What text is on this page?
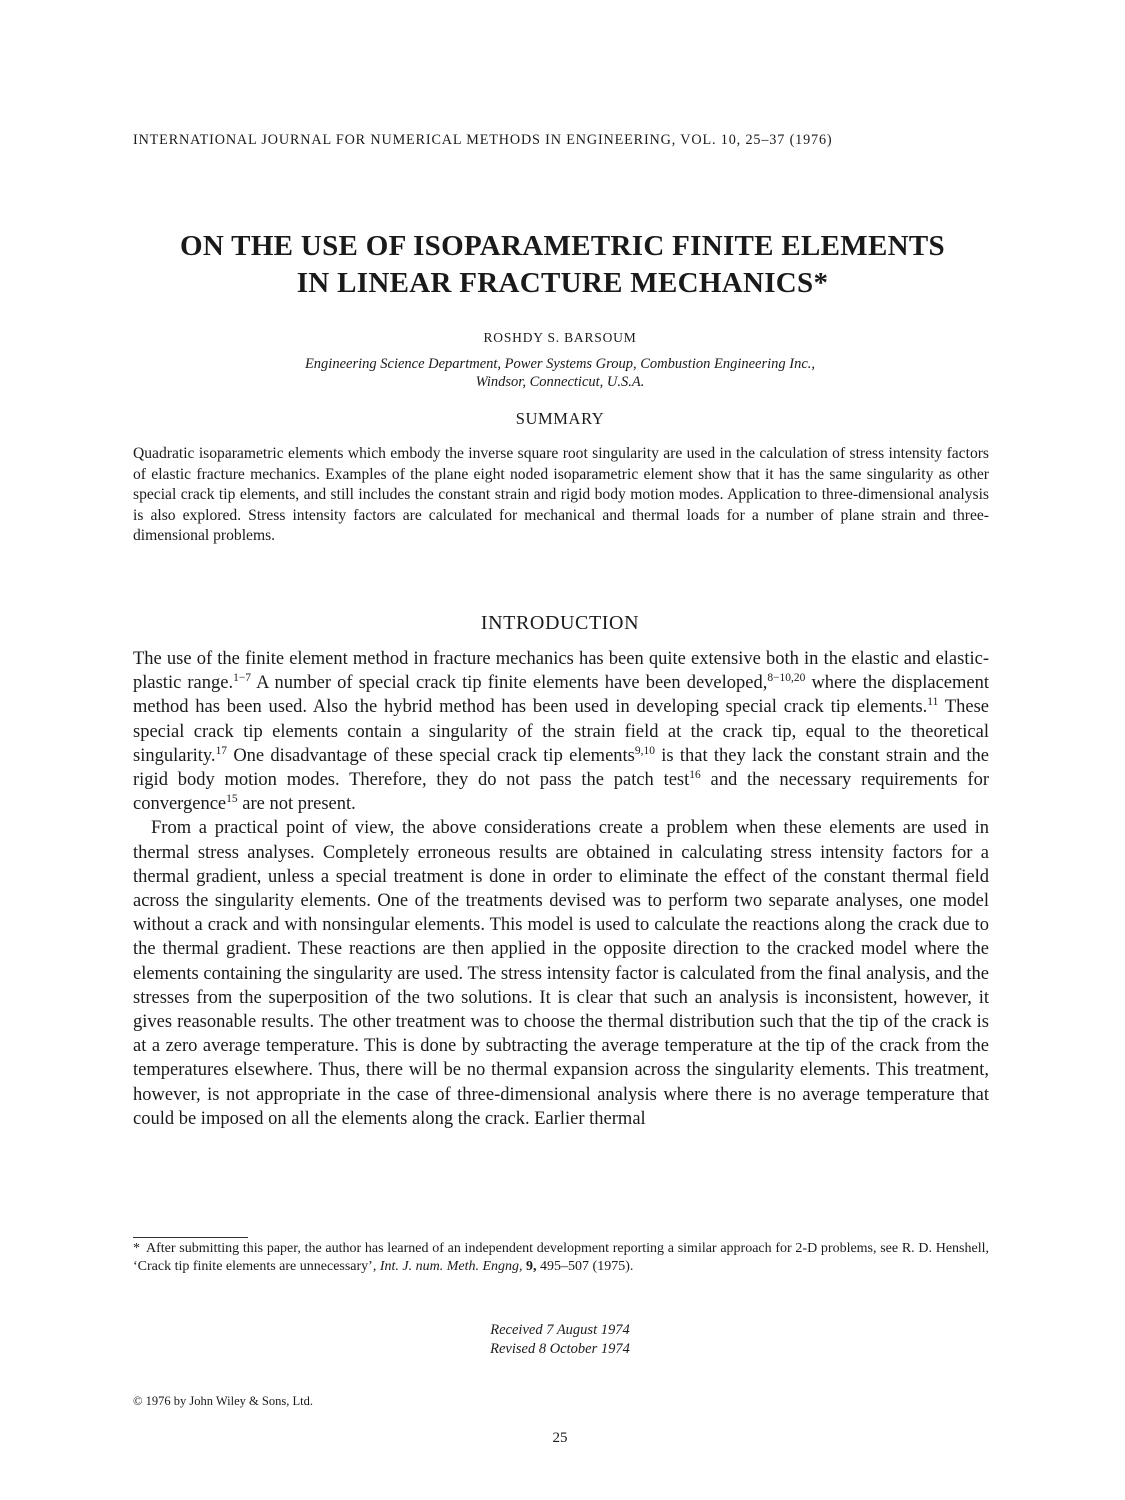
INTERNATIONAL JOURNAL FOR NUMERICAL METHODS IN ENGINEERING, VOL. 10, 25–37 (1976)
ON THE USE OF ISOPARAMETRIC FINITE ELEMENTS
IN LINEAR FRACTURE MECHANICS*
ROSHDY S. BARSOUM
Engineering Science Department, Power Systems Group, Combustion Engineering Inc.,
Windsor, Connecticut, U.S.A.
SUMMARY
Quadratic isoparametric elements which embody the inverse square root singularity are used in the calculation of stress intensity factors of elastic fracture mechanics. Examples of the plane eight noded isoparametric element show that it has the same singularity as other special crack tip elements, and still includes the constant strain and rigid body motion modes. Application to three-dimensional analysis is also explored. Stress intensity factors are calculated for mechanical and thermal loads for a number of plane strain and three-dimensional problems.
INTRODUCTION

The use of the finite element method in fracture mechanics has been quite extensive both in the elastic and elastic-plastic range.$^{1-7}$ A number of special crack tip finite elements have been developed,$^{8-10,20}$ where the displacement method has been used. Also the hybrid method has been used in developing special crack tip elements.$^{11}$ These special crack tip elements contain a singularity of the strain field at the crack tip, equal to the theoretical singularity.$^{17}$ One disadvantage of these special crack tip elements$^{9,10}$ is that they lack the constant strain and the rigid body motion modes. Therefore, they do not pass the patch test$^{16}$ and the necessary requirements for convergence$^{15}$ are not present.

From a practical point of view, the above considerations create a problem when these elements are used in thermal stress analyses. Completely erroneous results are obtained in calculating stress intensity factors for a thermal gradient, unless a special treatment is done in order to eliminate the effect of the constant thermal field across the singularity elements. One of the treatments devised was to perform two separate analyses, one model without a crack and with nonsingular elements. This model is used to calculate the reactions along the crack due to the thermal gradient. These reactions are then applied in the opposite direction to the cracked model where the elements containing the singularity are used. The stress intensity factor is calculated from the final analysis, and the stresses from the superposition of the two solutions. It is clear that such an analysis is inconsistent, however, it gives reasonable results. The other treatment was to choose the thermal distribution such that the tip of the crack is at a zero average temperature. This is done by subtracting the average temperature at the tip of the crack from the temperatures elsewhere. Thus, there will be no thermal expansion across the singularity elements. This treatment, however, is not appropriate in the case of three-dimensional analysis where there is no average temperature that could be imposed on all the elements along the crack. Earlier thermal

* After submitting this paper, the author has learned of an independent development reporting a similar approach for 2-D problems, see R. D. Henshell, ‘Crack tip finite elements are unnecessary’, Int. J. num. Meth. Engng, 9, 495–507 (1975).
Received 7 August 1974
Revised 8 October 1974
© 1976 by John Wiley & Sons, Ltd.
25
